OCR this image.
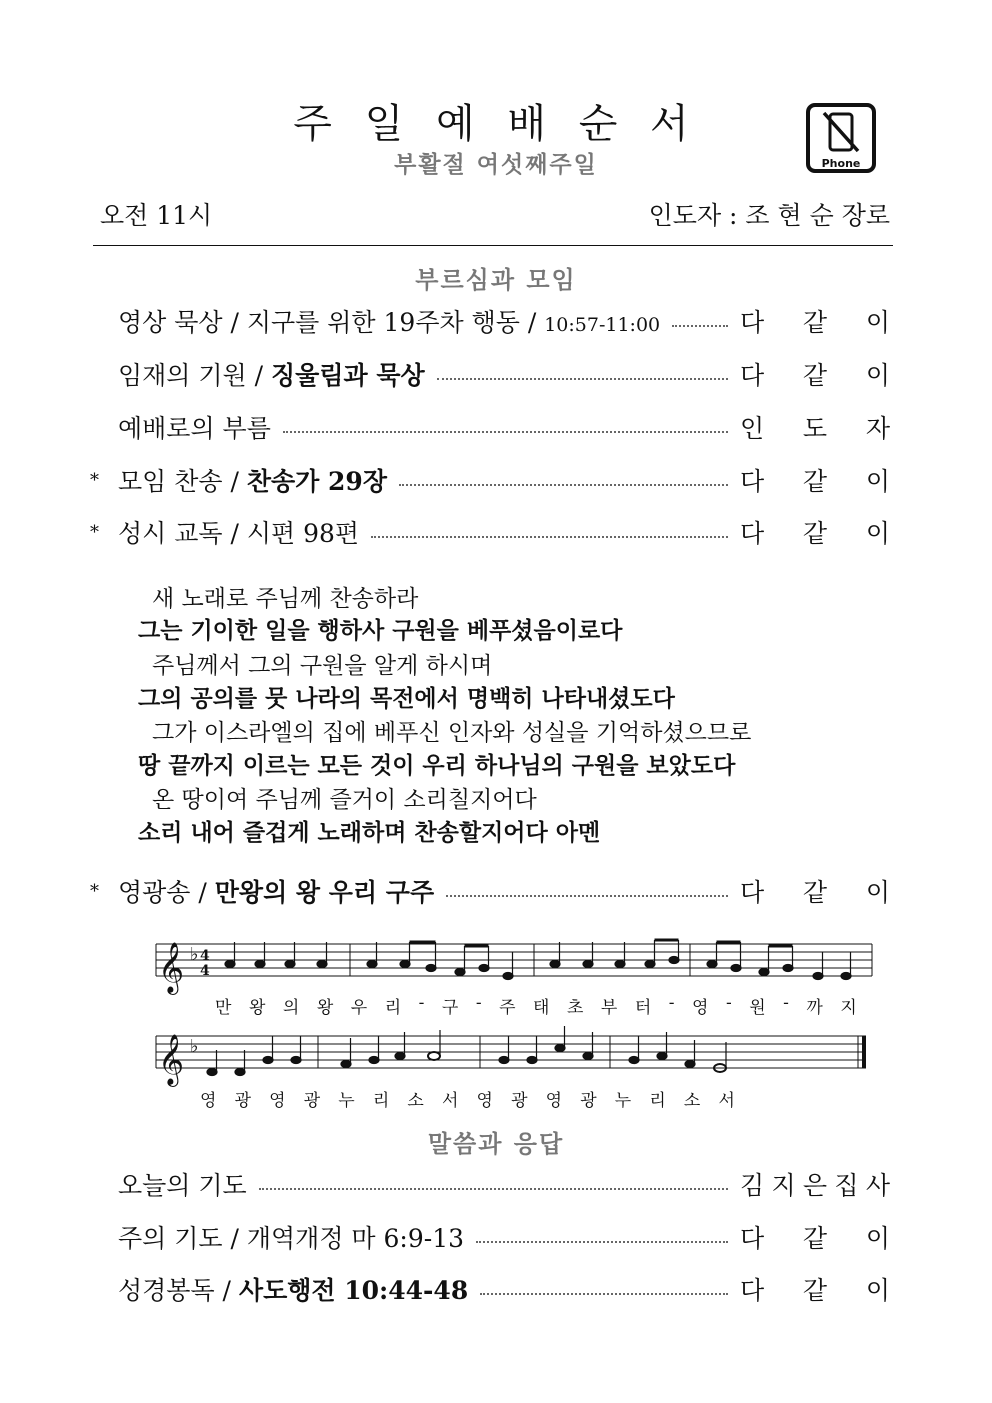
주 일 예 배 순 서
부활절 여섯째주일	Phone
오전 11시	인도자 : 조 현 순 장로
부르심과 모임
영상 묵상 / 지구를 위한 19주차 행동 / 10:57-11:00	다 같 이
임재의 기원 / 징울림과 묵상	다 같 이
예배로의 부름	인 도 자
* 모임 찬송 / 찬송가 29장	다 같 이
* 성시 교독 / 시편 98편	다 같 이
새 노래로 주님께 찬송하라
그는 기이한 일을 행하사 구원을 베푸셨음이로다
주님께서 그의 구원을 알게 하시며
그의 공의를 뭇 나라의 목전에서 명백히 나타내셨도다
그가 이스라엘의 집에 베푸신 인자와 성실을 기억하셨으므로
땅 끝까지 이르는 모든 것이 우리 하나님의 구원을 보았도다
온 땅이여 주님께 즐거이 소리칠지어다
소리 내어 즐겁게 노래하며 찬송할지어다 아멘
* 영광송 / 만왕의 왕 우리 구주	다 같 이
𝄞 ♭ 4
4
𝄞 ♭
만 왕 의 왕 우 리 - 구 - 주 태 초 부 터 - 영 - 원 - 까 지
영 광 영 광 누 리 소 서 영 광 영 광 누 리 소 서
말씀과 응답
오늘의 기도	김 지 은 집 사
주의 기도 / 개역개정 마 6:9-13	다 같 이
성경봉독 / 사도행전 10:44-48	다 같 이
